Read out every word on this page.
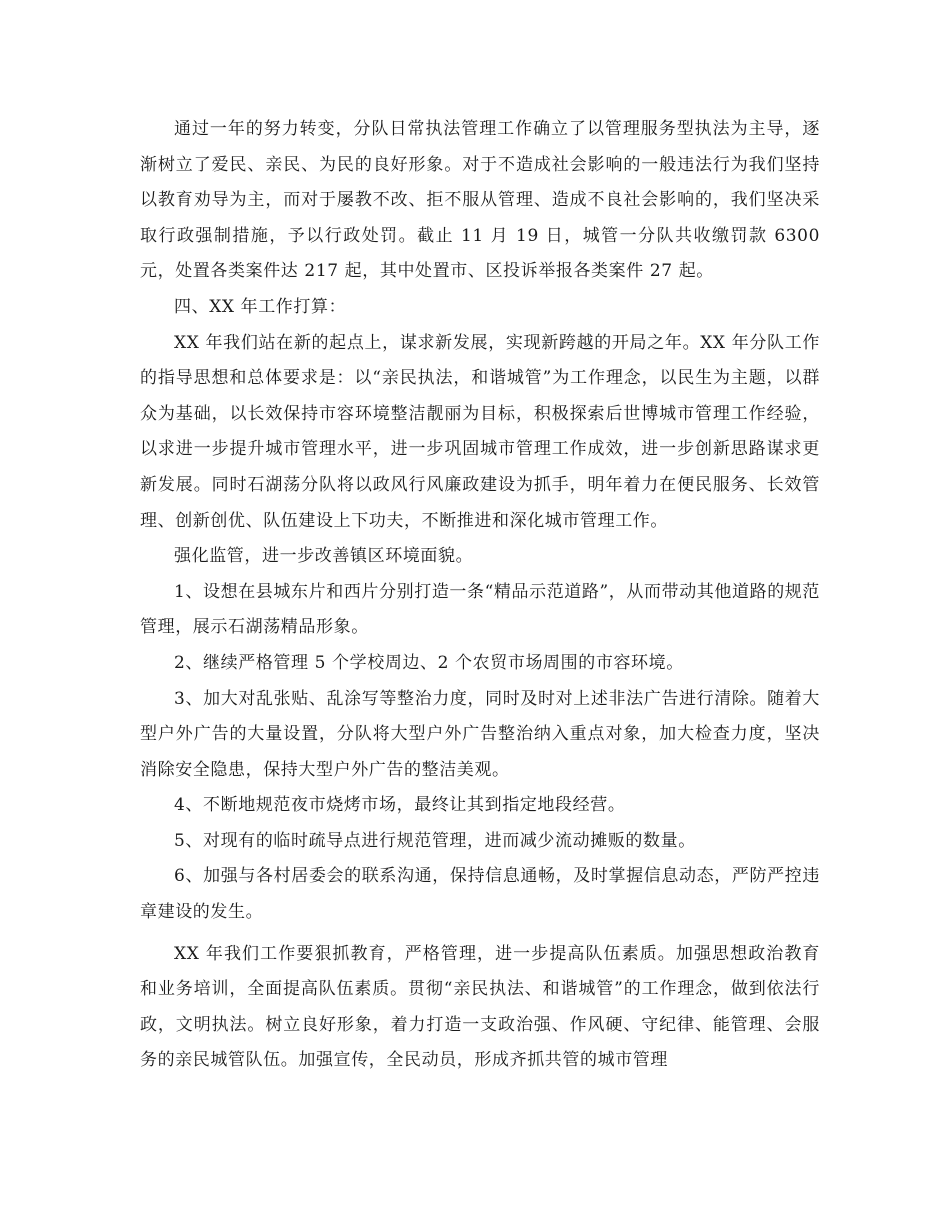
通过一年的努力转变，分队日常执法管理工作确立了以管理服务型执法为主导，逐渐树立了爱民、亲民、为民的良好形象。对于不造成社会影响的一般违法行为我们坚持以教育劝导为主，而对于屡教不改、拒不服从管理、造成不良社会影响的，我们坚决采取行政强制措施，予以行政处罚。截止 11 月 19 日，城管一分队共收缴罚款 6300 元，处置各类案件达 217 起，其中处置市、区投诉举报各类案件 27 起。

四、XX 年工作打算：

XX 年我们站在新的起点上，谋求新发展，实现新跨越的开局之年。XX 年分队工作的指导思想和总体要求是：以“亲民执法，和谐城管”为工作理念，以民生为主题，以群众为基础，以长效保持市容环境整洁靓丽为目标，积极探索后世博城市管理工作经验，以求进一步提升城市管理水平，进一步巩固城市管理工作成效，进一步创新思路谋求更新发展。同时石湖荡分队将以政风行风廉政建设为抓手，明年着力在便民服务、长效管理、创新创优、队伍建设上下功夫，不断推进和深化城市管理工作。

强化监管，进一步改善镇区环境面貌。

1、设想在县城东片和西片分别打造一条“精品示范道路”，从而带动其他道路的规范管理，展示石湖荡精品形象。

2、继续严格管理 5 个学校周边、2 个农贸市场周围的市容环境。

3、加大对乱张贴、乱涂写等整治力度，同时及时对上述非法广告进行清除。随着大型户外广告的大量设置，分队将大型户外广告整治纳入重点对象，加大检查力度，坚决消除安全隐患，保持大型户外广告的整洁美观。

4、不断地规范夜市烧烤市场，最终让其到指定地段经营。

5、对现有的临时疏导点进行规范管理，进而减少流动摊贩的数量。

6、加强与各村居委会的联系沟通，保持信息通畅，及时掌握信息动态，严防严控违章建设的发生。

XX 年我们工作要狠抓教育，严格管理，进一步提高队伍素质。加强思想政治教育和业务培训，全面提高队伍素质。贯彻“亲民执法、和谐城管”的工作理念，做到依法行政，文明执法。树立良好形象，着力打造一支政治强、作风硬、守纪律、能管理、会服务的亲民城管队伍。加强宣传，全民动员，形成齐抓共管的城市管理
